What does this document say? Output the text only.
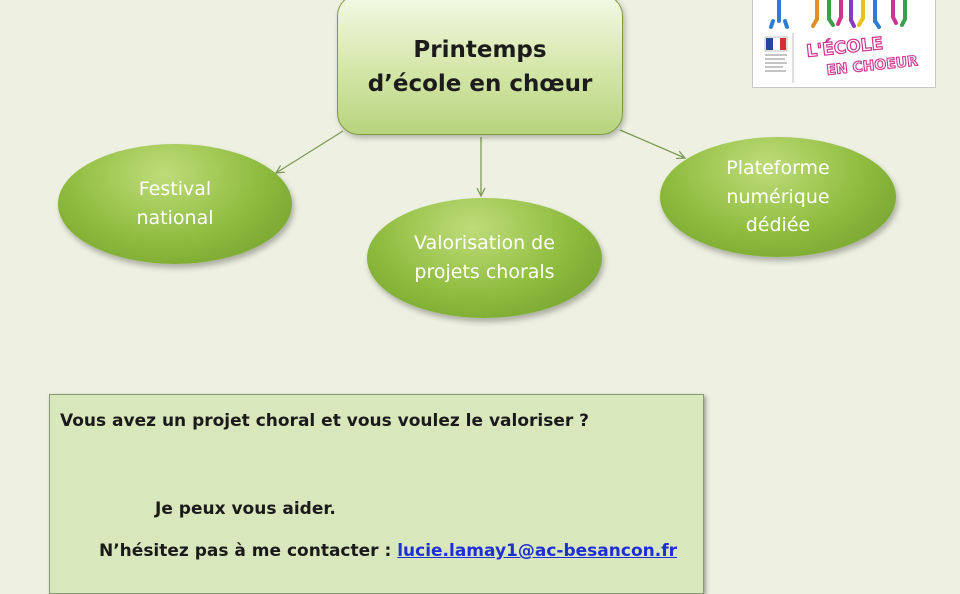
Printemps
d’école en chœur
Festival
national
Valorisation de
projets chorals
Plateforme
numérique
dédiée
L'ÉCOLE
EN CHOEUR
Vous avez un projet choral et vous voulez le valoriser ?
Je peux vous aider.
N’hésitez pas à me contacter : lucie.lamay1@ac-besancon.fr
